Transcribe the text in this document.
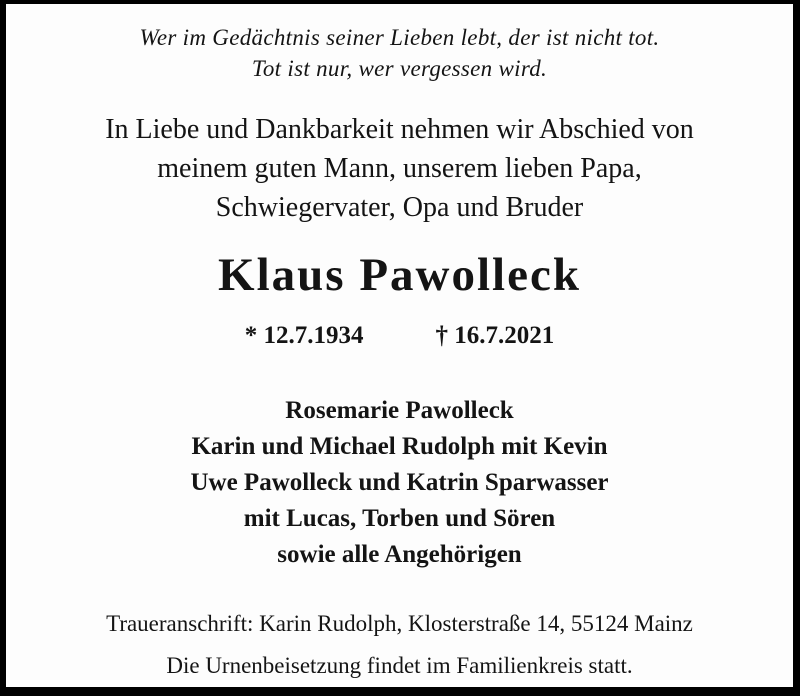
Wer im Gedächtnis seiner Lieben lebt, der ist nicht tot.
Tot ist nur, wer vergessen wird.
In Liebe und Dankbarkeit nehmen wir Abschied von
meinem guten Mann, unserem lieben Papa,
Schwiegervater, Opa und Bruder
Klaus Pawolleck
* 12.7.1934	† 16.7.2021
Rosemarie Pawolleck
Karin und Michael Rudolph mit Kevin
Uwe Pawolleck und Katrin Sparwasser
mit Lucas, Torben und Sören
sowie alle Angehörigen
Traueranschrift: Karin Rudolph, Klosterstraße 14, 55124 Mainz
Die Urnenbeisetzung findet im Familienkreis statt.
